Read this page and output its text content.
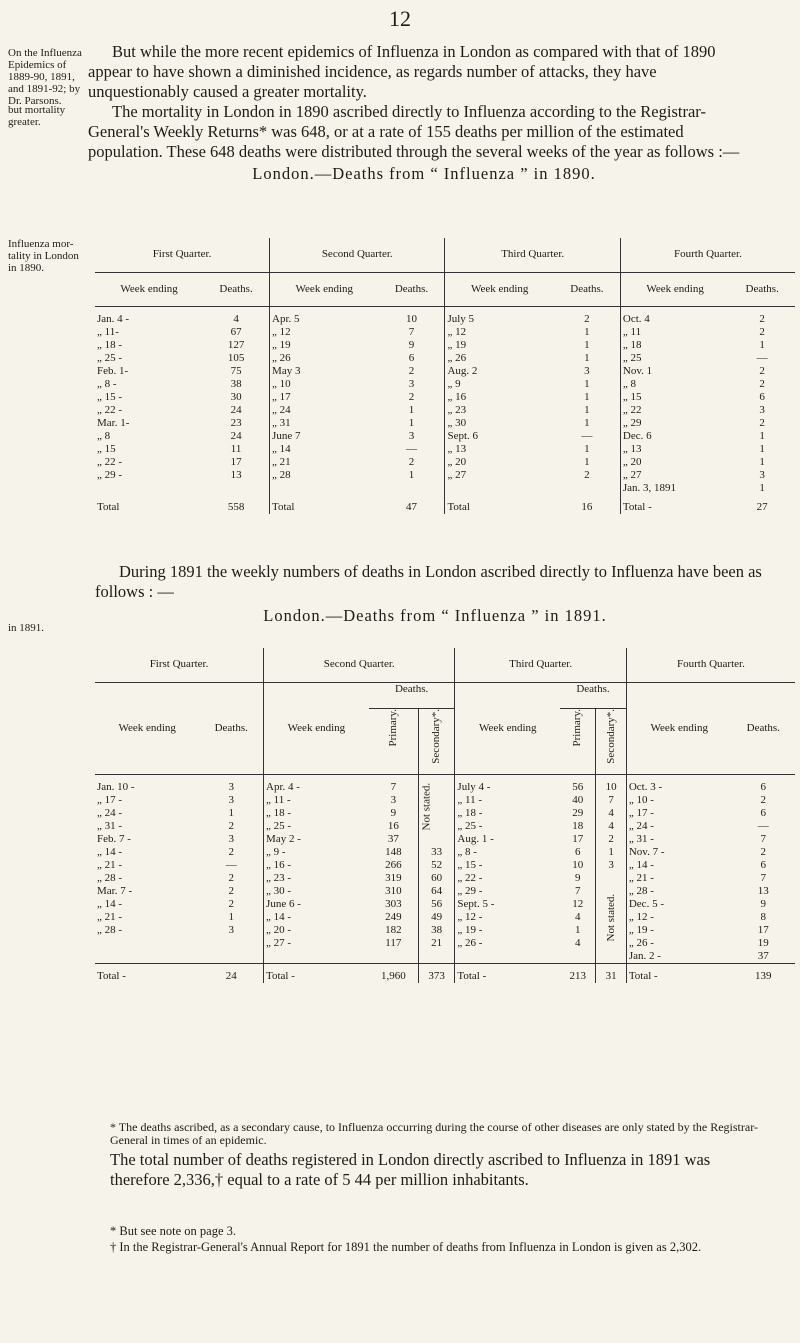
12
On the Influenza Epidemics of 1889-90, 1891, and 1891-92; by Dr. Parsons.
but mortality greater.
Influenza mor-tality in London in 1890.
in 1891.
But while the more recent epidemics of Influenza in London as compared with that of 1890 appear to have shown a diminished incidence, as regards number of attacks, they have unquestionably caused a greater mortality.
The mortality in London in 1890 ascribed directly to Influenza according to the Registrar-General's Weekly Returns* was 648, or at a rate of 155 deaths per million of the estimated population. These 648 deaths were distributed through the several weeks of the year as follows :—
London.—Deaths from “ Influenza ” in 1890.
First Quarter.		Second Quarter.		Third Quarter.		Fourth Quarter.	
Week ending	Deaths.	Week ending	Deaths.	Week ending	Deaths.	Week ending	Deaths.
Jan. 4 -	4	Apr. 5	10	July 5	2	Oct. 4	2
„ 11-	67	„ 12	7	„ 12	1	„ 11	2
„ 18 -	127	„ 19	9	„ 19	1	„ 18	1
„ 25 -	105	„ 26	6	„ 26	1	„ 25	—
Feb. 1-	75	May 3	2	Aug. 2	3	Nov. 1	2
„ 8 -	38	„ 10	3	„ 9	1	„ 8	2
„ 15 -	30	„ 17	2	„ 16	1	„ 15	6
„ 22 -	24	„ 24	1	„ 23	1	„ 22	3
Mar. 1-	23	„ 31	1	„ 30	1	„ 29	2
„ 8	24	June 7	3	Sept. 6	—	Dec. 6	1
„ 15	11	„ 14	—	„ 13	1	„ 13	1
„ 22 -	17	„ 21	2	„ 20	1	„ 20	1
„ 29 -	13	„ 28	1	„ 27	2	„ 27	3
						Jan. 3, 1891	1
Total	558	Total	47	Total	16	Total -	27
During 1891 the weekly numbers of deaths in London ascribed directly to Influenza have been as follows : —
London.—Deaths from “ Influenza ” in 1891.
First Quarter.		Second Quarter.			Third Quarter.			Fourth Quarter.	
Week ending	Deaths.	Week ending	Deaths.		Week ending	Deaths.		Week ending	Deaths.
			Primary.	Secondary*.		Primary.	Secondary*.		
Jan. 10 -	3	Apr. 4 -	7	Not stated.	July 4 -	56	10	Oct. 3 -	6
„ 17 -	3	„ 11 -	3		„ 11 -	40	7	„ 10 -	2
„ 24 -	1	„ 18 -	9		„ 18 -	29	4	„ 17 -	6
„ 31 -	2	„ 25 -	16		„ 25 -	18	4	„ 24 -	—
Feb. 7 -	3	May 2 -	37		Aug. 1 -	17	2	„ 31 -	7
„ 14 -	2	„ 9 -	148	33	„ 8 -	6	1	Nov. 7 -	2
„ 21 -	—	„ 16 -	266	52	„ 15 -	10	3	„ 14 -	6
„ 28 -	2	„ 23 -	319	60	„ 22 -	9	Not stated.	„ 21 -	7
Mar. 7 -	2	„ 30 -	310	64	„ 29 -	7		„ 28 -	13
„ 14 -	2	June 6 -	303	56	Sept. 5 -	12		Dec. 5 -	9
„ 21 -	1	„ 14 -	249	49	„ 12 -	4		„ 12 -	8
„ 28 -	3	„ 20 -	182	38	„ 19 -	1		„ 19 -	17
		„ 27 -	117	21	„ 26 -	4		„ 26 -	19
								Jan. 2 -	37
Total -	24	Total -	1,960	373	Total -	213	31	Total -	139
* The deaths ascribed, as a secondary cause, to Influenza occurring during the course of other diseases are only stated by the Registrar-General in times of an epidemic.
The total number of deaths registered in London directly ascribed to Influenza in 1891 was therefore 2,336,† equal to a rate of 5 44 per million inhabitants.
* But see note on page 3.
† In the Registrar-General's Annual Report for 1891 the number of deaths from Influenza in London is given as 2,302.
